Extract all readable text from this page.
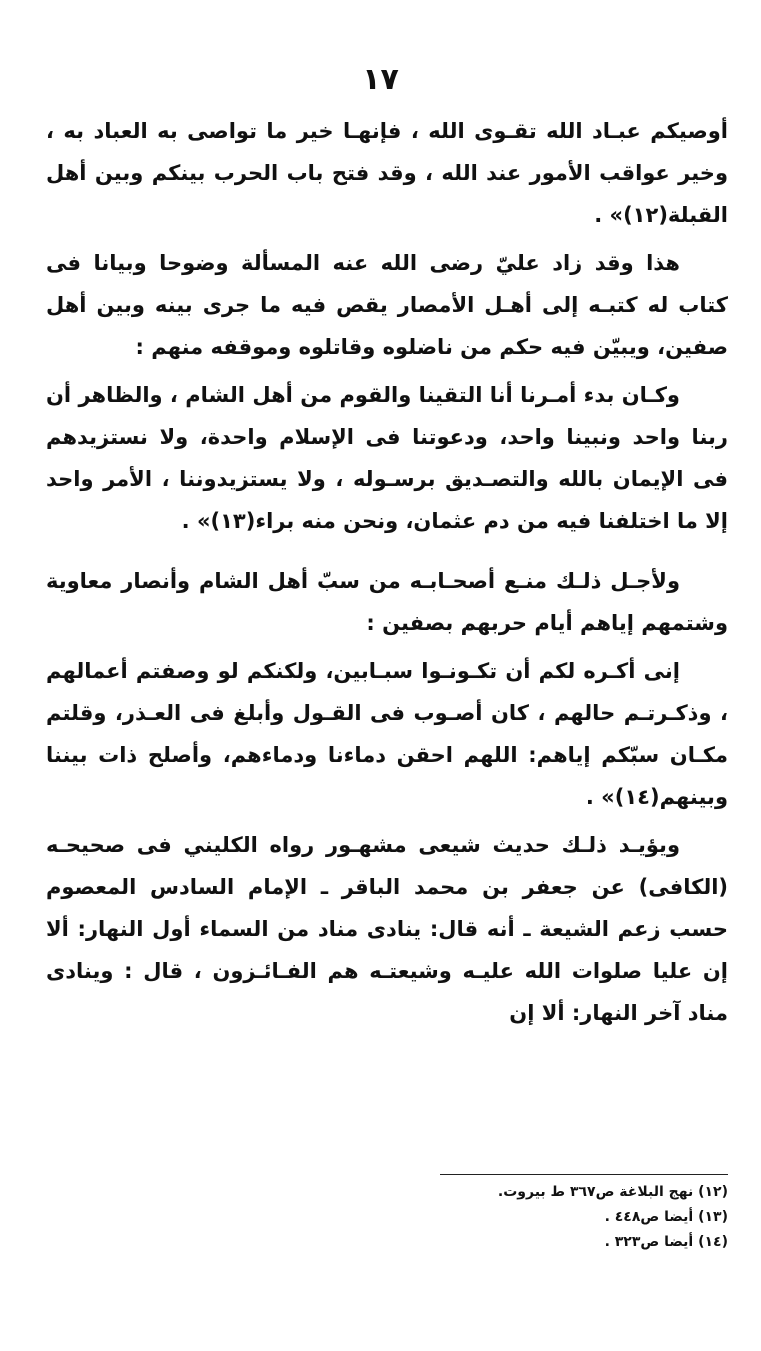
١٧

أوصيكم عبـاد الله تقـوى الله ، فإنهـا خير ما تواصى به العباد به ، وخير عواقب الأمور عند الله ، وقد فتح باب الحرب بينكم وبين أهل القبلة(١٢)» .

هذا وقد زاد عليّ رضى الله عنه المسألة وضوحا وبيانا فى كتاب له كتبـه إلى أهـل الأمصار يقص فيه ما جرى بينه وبين أهل صفين، ويبيّن فيه حكم من ناضلوه وقاتلوه وموقفه منهم :

وكـان بدء أمـرنا أنا التقينا والقوم من أهل الشام ، والظاهر أن ربنا واحد ونبينا واحد، ودعوتنا فى الإسلام واحدة، ولا نستزيدهم فى الإيمان بالله والتصـديق برسـوله ، ولا يستزيدوننا ، الأمر واحد إلا ما اختلفنا فيه من دم عثمان، ونحن منه براء(١٣)» .

ولأجـل ذلـك منـع أصحـابـه من سبّ أهل الشام وأنصار معاوية وشتمهم إياهم أيام حربهم بصفين :

إنى أكـره لكم أن تكـونـوا سبـابين، ولكنكم لو وصفتم أعمالهم ، وذكـرتـم حالهم ، كان أصـوب فى القـول وأبلغ فى العـذر، وقلتم مكـان سبّكم إياهم: اللهم احقن دماءنا ودماءهم، وأصلح ذات بيننا وبينهم(١٤)» .

ويؤيـد ذلـك حديث شيعى مشهـور رواه الكليني فى صحيحـه (الكافى) عن جعفر بن محمد الباقر ـ الإمام السادس المعصوم حسب زعم الشيعة ـ أنه قال: ينادى مناد من السماء أول النهار: ألا إن عليا صلوات الله عليـه وشيعتـه هم الفـائـزون ، قال : وينادى مناد آخر النهار: ألا إن

(١٢) نهج البلاغة ص٣٦٧ ط بيروت.

(١٣) أيضا ص٤٤٨ .

(١٤) أيضا ص٣٢٣ .
